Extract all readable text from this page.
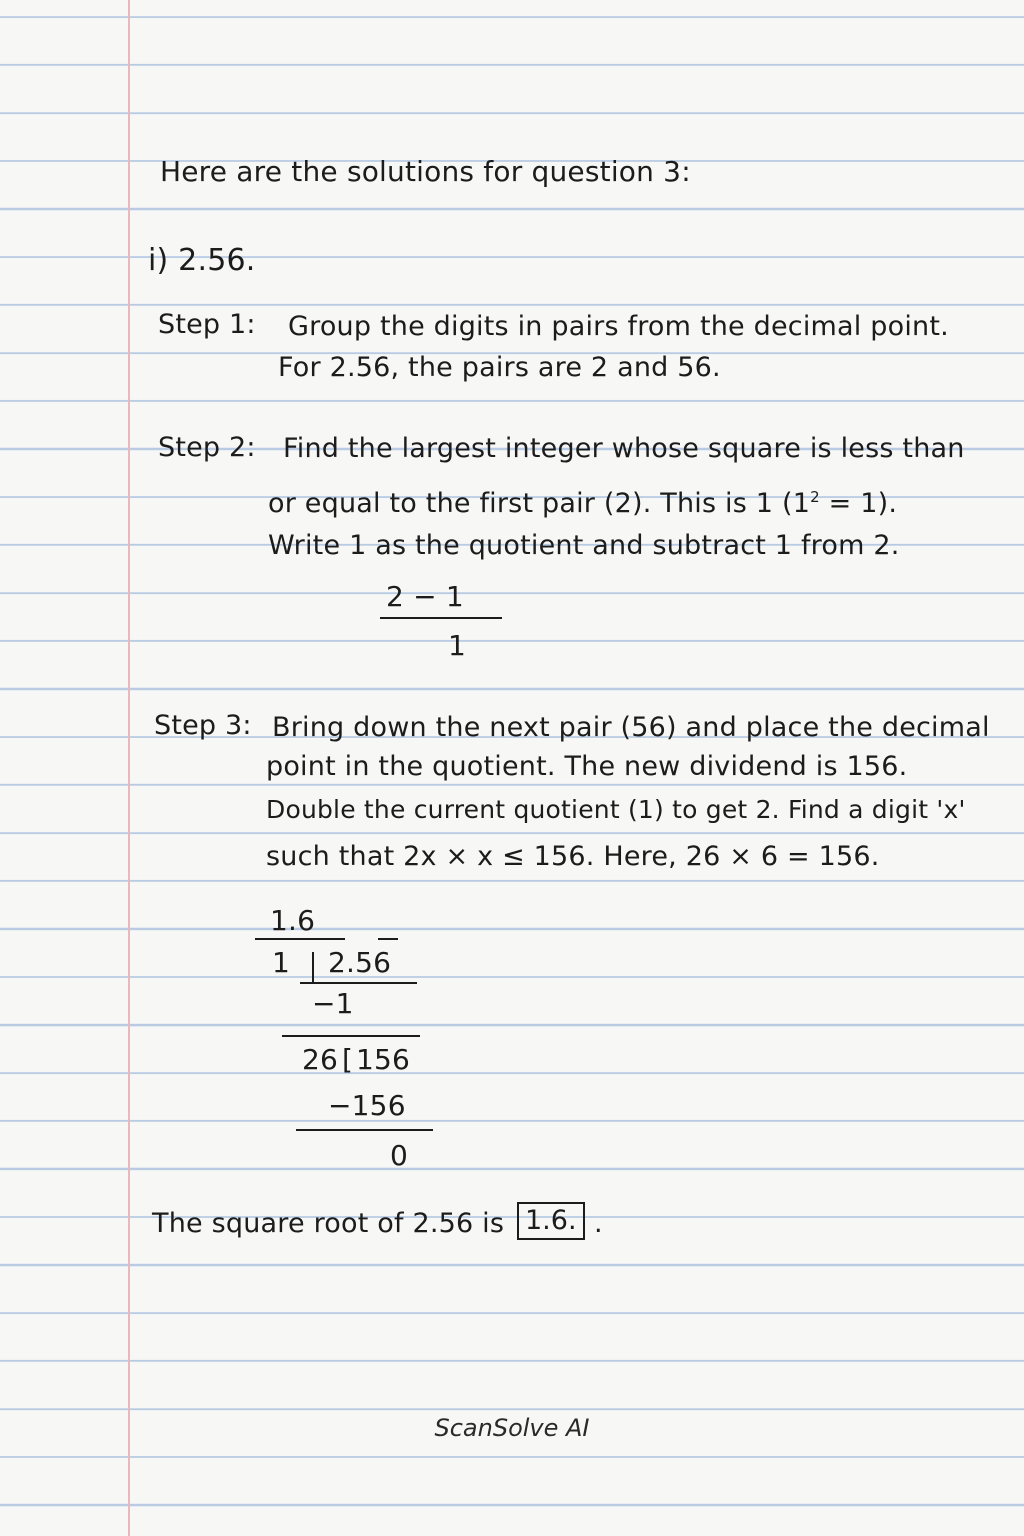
Here are the solutions for question 3:
i) 2.56.
Step 1: Group the digits in pairs from the decimal point.
For 2.56, the pairs are 2 and 56.
Step 2: Find the largest integer whose square is less than
or equal to the first pair (2). This is 1 $(1^2 = 1)$.
Write 1 as the quotient and subtract 1 from 2.
2 − 1
1
Step 3: Bring down the next pair (56) and place the decimal
point in the quotient. The new dividend is 156.
Double the current quotient (1) to get 2. Find a digit 'x'
such that 2x × x ≤ 156. Here, 26 × 6 = 156.
1.6
1 2.56
−1
26 [ 156
−156
0
The square root of 2.56 is 1.6. .
ScanSolve AI
